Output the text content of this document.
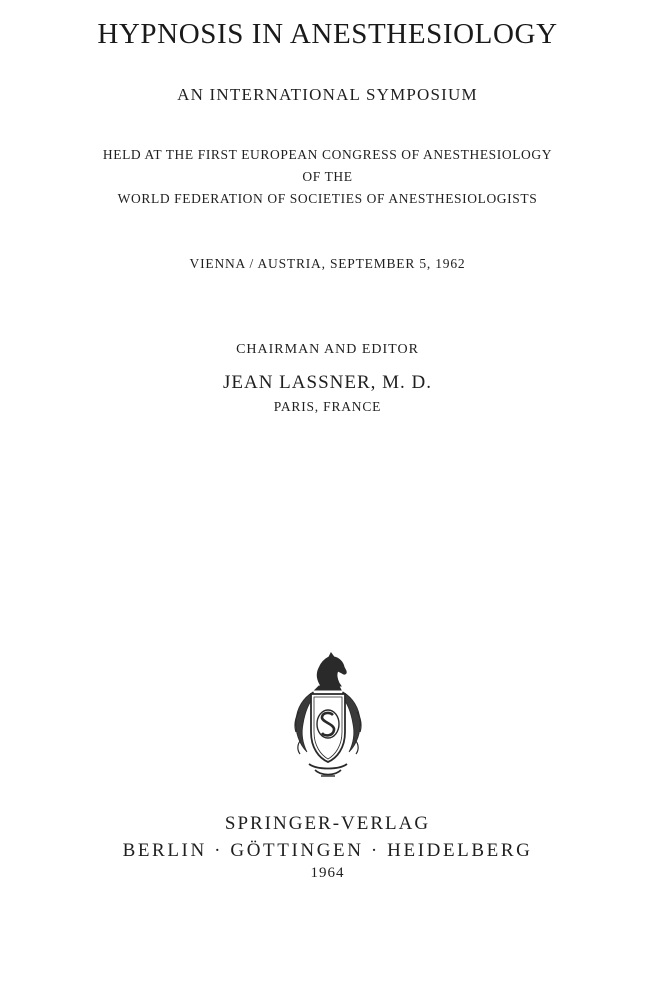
HYPNOSIS IN ANESTHESIOLOGY
AN INTERNATIONAL SYMPOSIUM
HELD AT THE FIRST EUROPEAN CONGRESS OF ANESTHESIOLOGY
OF THE
WORLD FEDERATION OF SOCIETIES OF ANESTHESIOLOGISTS
VIENNA / AUSTRIA, SEPTEMBER 5, 1962
CHAIRMAN AND EDITOR
JEAN LASSNER, M. D.
PARIS, FRANCE
SPRINGER-VERLAG
BERLIN · GÖTTINGEN · HEIDELBERG
1964
